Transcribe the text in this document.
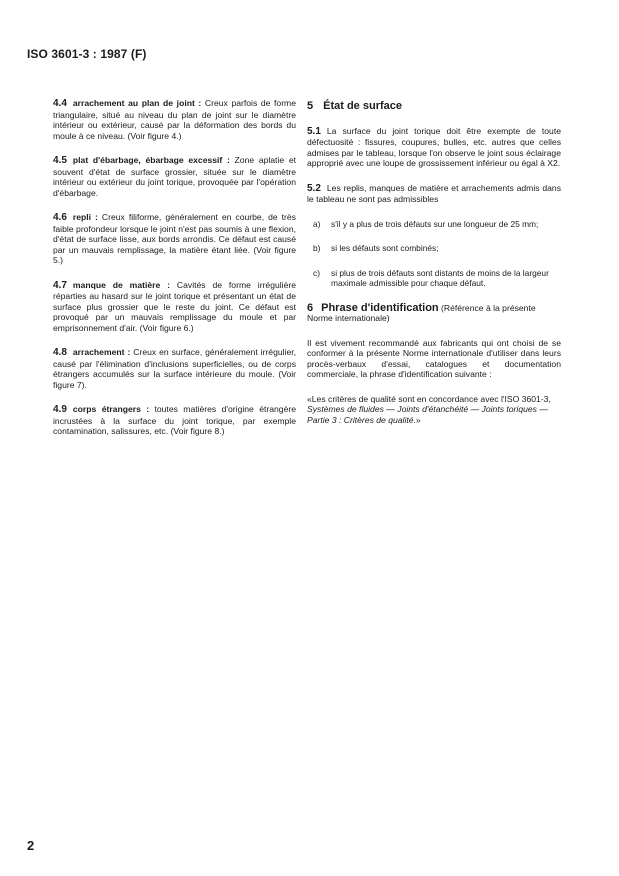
ISO 3601-3 : 1987 (F)

4.4 arrachement au plan de joint : Creux parfois de forme triangulaire, situé au niveau du plan de joint sur le diamètre intérieur ou extérieur, causé par la déformation des bords du moule à ce niveau. (Voir figure 4.)

4.5 plat d'ébarbage, ébarbage excessif : Zone aplatie et souvent d'état de surface grossier, située sur le diamètre intérieur ou extérieur du joint torique, provoquée par l'opération d'ébarbage.

4.6 repli : Creux filiforme, généralement en courbe, de très faible profondeur lorsque le joint n'est pas soumis à une flexion, d'état de surface lisse, aux bords arrondis. Ce défaut est causé par un mauvais remplissage, la matière étant liée. (Voir figure 5.)

4.7 manque de matière : Cavités de forme irrégulière réparties au hasard sur le joint torique et présentant un état de surface plus grossier que le reste du joint. Ce défaut est provoqué par un mauvais remplissage du moule et par emprisonnement d'air. (Voir figure 6.)

4.8 arrachement : Creux en surface, généralement irrégulier, causé par l'élimination d'inclusions superficielles, ou de corps étrangers accumulés sur la surface intérieure du moule. (Voir figure 7).

4.9 corps étrangers : toutes matières d'origine étrangère incrustées à la surface du joint torique, par exemple contamination, salissures, etc. (Voir figure 8.)

5 État de surface

5.1 La surface du joint torique doit être exempte de toute défectuosité : fissures, coupures, bulles, etc. autres que celles admises par le tableau, lorsque l'on observe le joint sous éclairage approprié avec une loupe de grossissement inférieur ou égal à X2.

5.2 Les replis, manques de matière et arrachements admis dans le tableau ne sont pas admissibles

a)	s'il y a plus de trois défauts sur une longueur de 25 mm;
b)	si les défauts sont combinés;
c)	si plus de trois défauts sont distants de moins de la largeur maximale admissible pour chaque défaut.
6 Phrase d'identification (Référence à la présente Norme internationale)

Il est vivement recommandé aux fabricants qui ont choisi de se conformer à la présente Norme internationale d'utiliser dans leurs procès-verbaux d'essai, catalogues et documentation commerciale, la phrase d'identification suivante :

«Les critères de qualité sont en concordance avec l'ISO 3601-3, Systèmes de fluides — Joints d'étanchéité — Joints toriques — Partie 3 : Critères de qualité.»

2
